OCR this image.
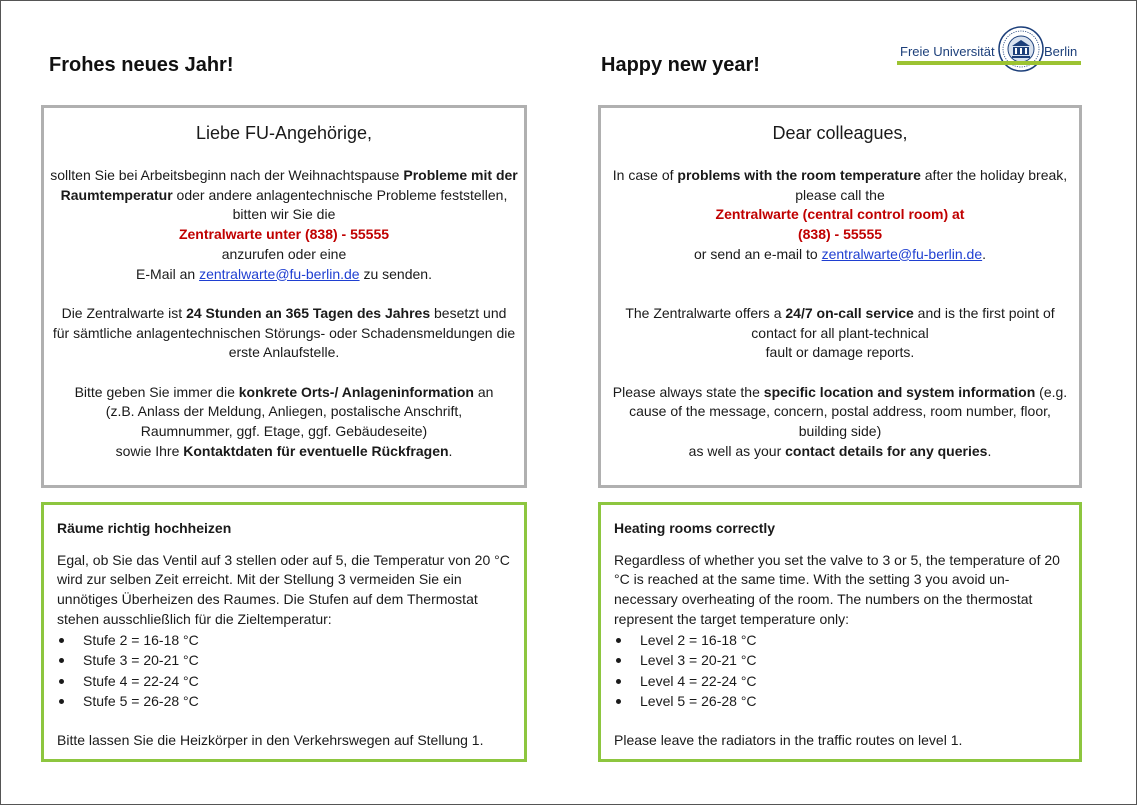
Frohes neues Jahr!	Happy new year!
Freie Universität	Berlin
Liebe FU-Angehörige,

sollten Sie bei Arbeitsbeginn nach der Weihnachtspause Probleme mit der Raumtemperatur oder andere anlagentechnische Probleme feststellen, bitten wir Sie die
Zentralwarte unter (838) - 55555
anzurufen oder eine
E-Mail an zentralwarte@fu-berlin.de zu senden.

Die Zentralwarte ist 24 Stunden an 365 Tagen des Jahres besetzt und für sämtliche anlagentechnischen Störungs- oder Schadensmeldungen die erste Anlaufstelle.

Bitte geben Sie immer die konkrete Orts-/ Anlageninformation an (z.B. Anlass der Meldung, Anliegen, postalische Anschrift, Raumnummer, ggf. Etage, ggf. Gebäudeseite)
sowie Ihre Kontaktdaten für eventuelle Rückfragen.

Dear colleagues,

In case of problems with the room temperature after the holiday break, please call the
Zentralwarte (central control room) at
(838) - 55555
or send an e-mail to zentralwarte@fu-berlin.de.

The Zentralwarte offers a 24/7 on-call service and is the first point of contact for all plant-technical
fault or damage reports.

Please always state the specific location and system information (e.g. cause of the message, concern, postal address, room number, floor, building side)
as well as your contact details for any queries.

Räume richtig hochheizen

Egal, ob Sie das Ventil auf 3 stellen oder auf 5, die Temperatur von 20 °C wird zur selben Zeit erreicht. Mit der Stellung 3 vermeiden Sie ein unnötiges Überheizen des Raumes. Die Stufen auf dem Thermostat stehen ausschließlich für die Zieltemperatur:

Stufe 2 = 16-18 °C
Stufe 3 = 20-21 °C
Stufe 4 = 22-24 °C
Stufe 5 = 26-28 °C

Bitte lassen Sie die Heizkörper in den Verkehrswegen auf Stellung 1.

Heating rooms correctly

Regardless of whether you set the valve to 3 or 5, the temperature of 20 °C is reached at the same time. With the setting 3 you avoid un-necessary overheating of the room. The numbers on the thermostat represent the target temperature only:

Level 2 = 16-18 °C
Level 3 = 20-21 °C
Level 4 = 22-24 °C
Level 5 = 26-28 °C

Please leave the radiators in the traffic routes on level 1.
